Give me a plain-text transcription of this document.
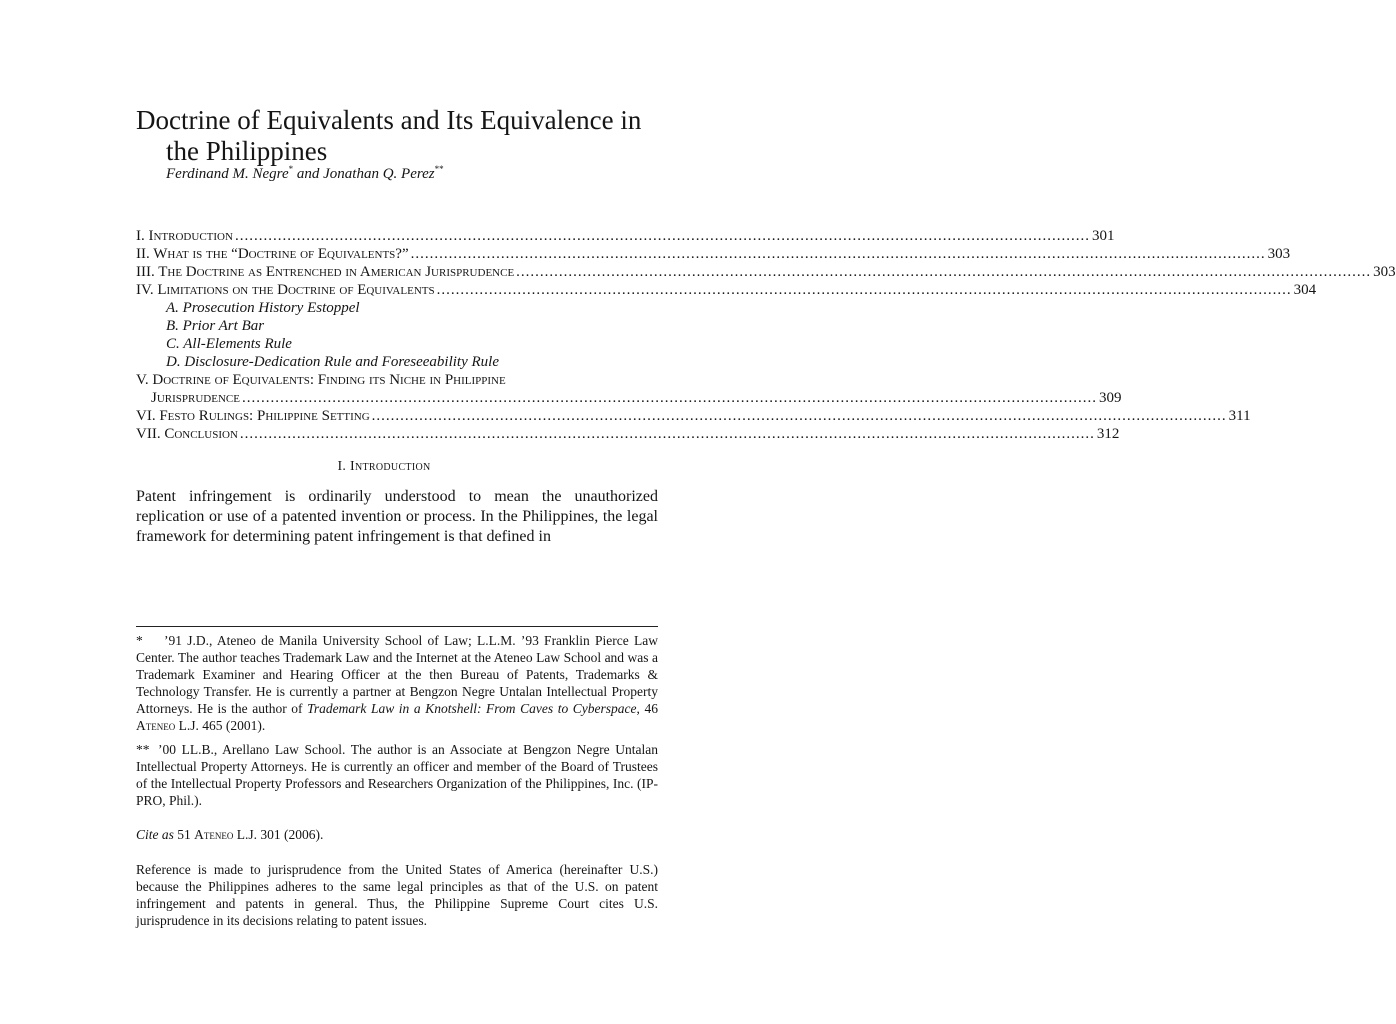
Doctrine of Equivalents and Its Equivalence in
the Philippines
Ferdinand M. Negre* and Jonathan Q. Perez**
I. Introduction .................................................................................................................................................................................... 301
II. What is the “Doctrine of Equivalents?” .................................................................................................................................................................................... 303
III. The Doctrine as Entrenched in American Jurisprudence .................................................................................................................................................................................... 303
IV. Limitations on the Doctrine of Equivalents .................................................................................................................................................................................... 304
A. Prosecution History Estoppel
B. Prior Art Bar
C. All-Elements Rule
D. Disclosure-Dedication Rule and Foreseeability Rule
V. Doctrine of Equivalents: Finding its Niche in Philippine
Jurisprudence .................................................................................................................................................................................... 309
VI. Festo Rulings: Philippine Setting .................................................................................................................................................................................... 311
VII. Conclusion .................................................................................................................................................................................... 312
I. Introduction

Patent infringement is ordinarily understood to mean the unauthorized replication or use of a patented invention or process. In the Philippines, the legal framework for determining patent infringement is that defined in

* ’91 J.D., Ateneo de Manila University School of Law; L.L.M. ’93 Franklin Pierce Law Center. The author teaches Trademark Law and the Internet at the Ateneo Law School and was a Trademark Examiner and Hearing Officer at the then Bureau of Patents, Trademarks & Technology Transfer. He is currently a partner at Bengzon Negre Untalan Intellectual Property Attorneys. He is the author of Trademark Law in a Knotshell: From Caves to Cyberspace, 46 Ateneo L.J. 465 (2001).

** ’00 LL.B., Arellano Law School. The author is an Associate at Bengzon Negre Untalan Intellectual Property Attorneys. He is currently an officer and member of the Board of Trustees of the Intellectual Property Professors and Researchers Organization of the Philippines, Inc. (IP-PRO, Phil.).

Cite as 51 Ateneo L.J. 301 (2006).

Reference is made to jurisprudence from the United States of America (hereinafter U.S.) because the Philippines adheres to the same legal principles as that of the U.S. on patent infringement and patents in general. Thus, the Philippine Supreme Court cites U.S. jurisprudence in its decisions relating to patent issues.
